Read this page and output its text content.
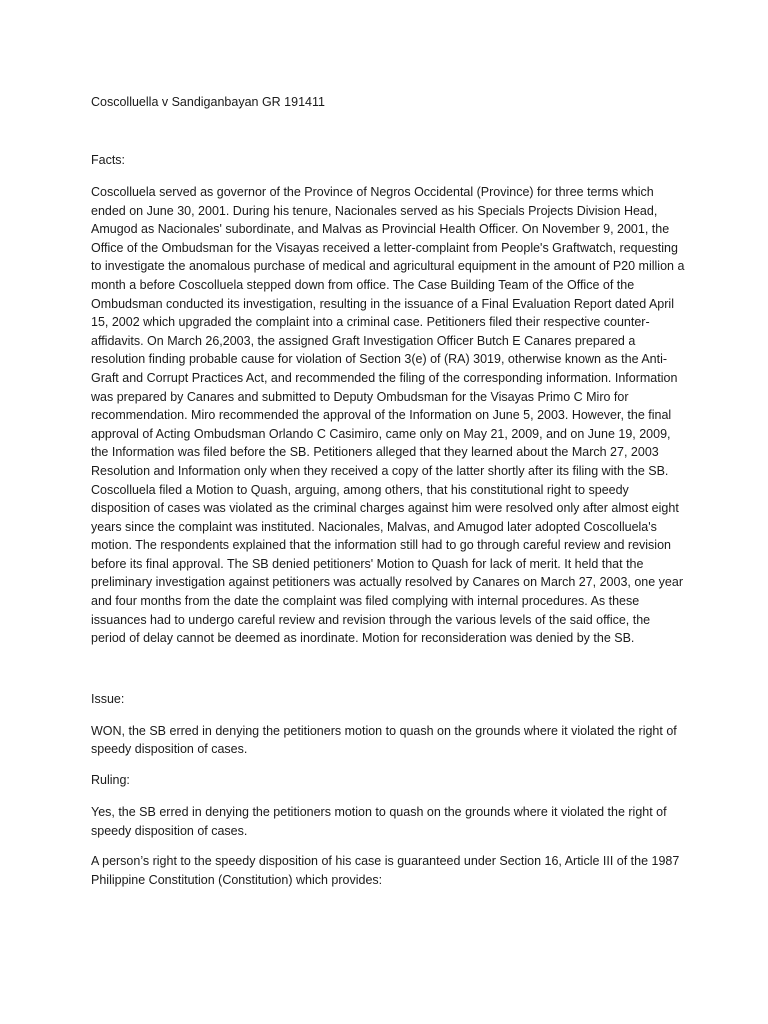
Coscolluella v Sandiganbayan GR 191411

Facts:

Coscolluela served as governor of the Province of Negros Occidental (Province) for three terms which ended on June 30, 2001. During his tenure, Nacionales served as his Specials Projects Division Head, Amugod as Nacionales' subordinate, and Malvas as Provincial Health Officer. On November 9, 2001, the Office of the Ombudsman for the Visayas received a letter-complaint from People's Graftwatch, requesting to investigate the anomalous purchase of medical and agricultural equipment in the amount of P20 million a month a before Coscolluela stepped down from office. The Case Building Team of the Office of the Ombudsman conducted its investigation, resulting in the issuance of a Final Evaluation Report dated April 15, 2002 which upgraded the complaint into a criminal case. Petitioners filed their respective counter-affidavits. On March 26,2003, the assigned Graft Investigation Officer Butch E Canares prepared a resolution finding probable cause for violation of Section 3(e) of (RA) 3019, otherwise known as the Anti-Graft and Corrupt Practices Act, and recommended the filing of the corresponding information. Information was prepared by Canares and submitted to Deputy Ombudsman for the Visayas Primo C Miro for recommendation. Miro recommended the approval of the Information on June 5, 2003. However, the final approval of Acting Ombudsman Orlando C Casimiro, came only on May 21, 2009, and on June 19, 2009, the Information was filed before the SB. Petitioners alleged that they learned about the March 27, 2003 Resolution and Information only when they received a copy of the latter shortly after its filing with the SB. Coscolluela filed a Motion to Quash, arguing, among others, that his constitutional right to speedy disposition of cases was violated as the criminal charges against him were resolved only after almost eight years since the complaint was instituted. Nacionales, Malvas, and Amugod later adopted Coscolluela's motion. The respondents explained that the information still had to go through careful review and revision before its final approval. The SB denied petitioners' Motion to Quash for lack of merit. It held that the preliminary investigation against petitioners was actually resolved by Canares on March 27, 2003, one year and four months from the date the complaint was filed complying with internal procedures. As these issuances had to undergo careful review and revision through the various levels of the said office, the period of delay cannot be deemed as inordinate. Motion for reconsideration was denied by the SB.

Issue:

WON, the SB erred in denying the petitioners motion to quash on the grounds where it violated the right of speedy disposition of cases.

Ruling:

Yes, the SB erred in denying the petitioners motion to quash on the grounds where it violated the right of speedy disposition of cases.

A person’s right to the speedy disposition of his case is guaranteed under Section 16, Article III of the 1987 Philippine Constitution (Constitution) which provides:
